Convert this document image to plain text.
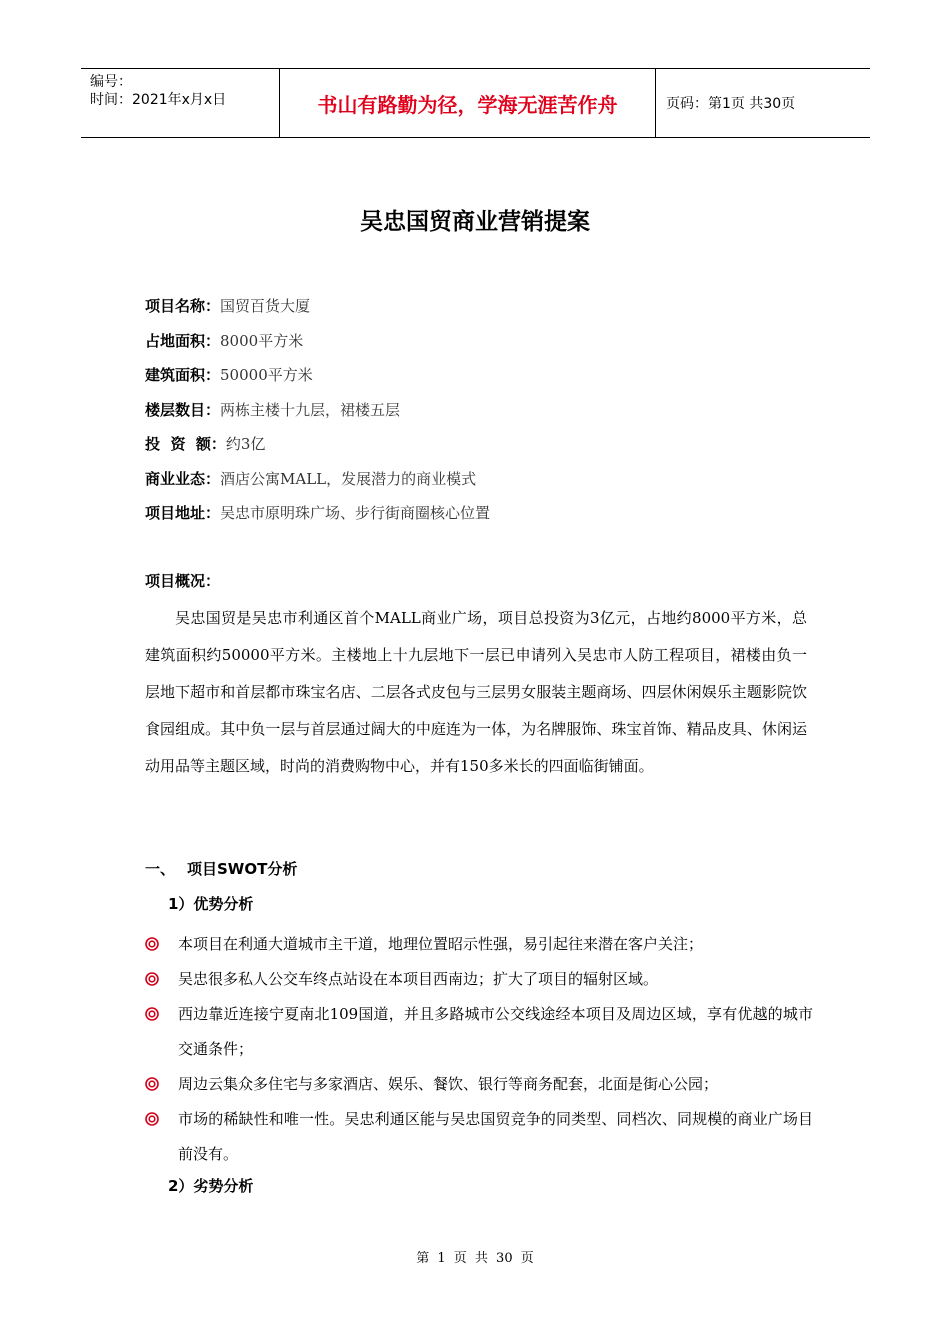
编号：
时间：2021年x月x日	书山有路勤为径，学海无涯苦作舟	页码：第1页 共30页
吴忠国贸商业营销提案
项目名称：国贸百货大厦
占地面积：8000平方米
建筑面积：50000平方米
楼层数目：两栋主楼十九层，裙楼五层
投  资  额：约3亿
商业业态：酒店公寓MALL，发展潜力的商业模式
项目地址：吴忠市原明珠广场、步行街商圈核心位置
项目概况：
吴忠国贸是吴忠市利通区首个MALL商业广场，项目总投资为3亿元，占地约8000平方米，总建筑面积约50000平方米。主楼地上十九层地下一层已申请列入吴忠市人防工程项目，裙楼由负一层地下超市和首层都市珠宝名店、二层各式皮包与三层男女服装主题商场、四层休闲娱乐主题影院饮食园组成。其中负一层与首层通过阔大的中庭连为一体，为名牌服饰、珠宝首饰、精品皮具、休闲运动用品等主题区域，时尚的消费购物中心，并有150多米长的四面临街铺面。
一、 项目SWOT分析
1）优势分析
本项目在利通大道城市主干道，地理位置昭示性强，易引起往来潜在客户关注；
吴忠很多私人公交车终点站设在本项目西南边；扩大了项目的辐射区域。
西边靠近连接宁夏南北109国道，并且多路城市公交线途经本项目及周边区域，享有优越的城市交通条件；
周边云集众多住宅与多家酒店、娱乐、餐饮、银行等商务配套，北面是街心公园；
市场的稀缺性和唯一性。吴忠利通区能与吴忠国贸竞争的同类型、同档次、同规模的商业广场目前没有。
2）劣势分析
第 1 页 共 30 页
